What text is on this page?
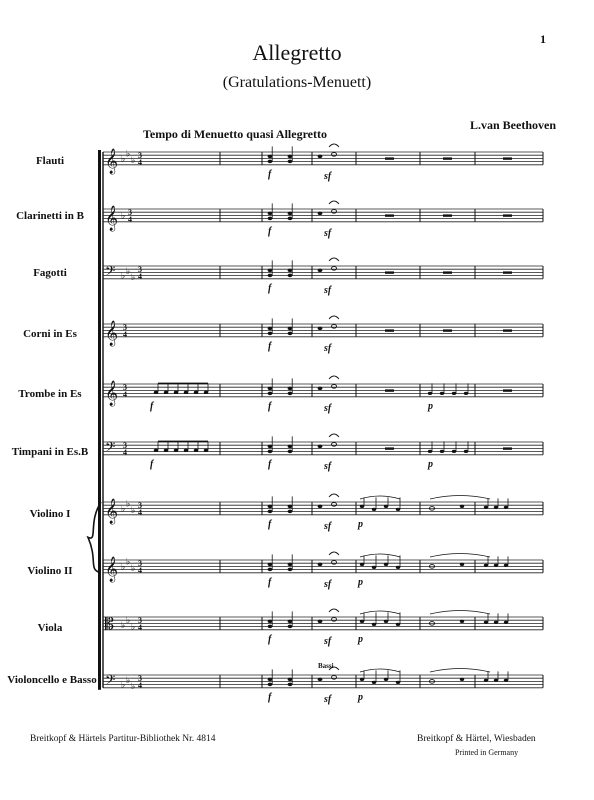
𝄞 ♭ ♭
♭
3
4
f	sf
𝄞 ♭ 3
4
f	sf
𝄢 ♭ ♭
♭
3
4
f	sf
𝄞 3
4
f	sf
𝄞 3
4
f	sf
f	p
𝄢 3
4
f	sf
f	p
𝄞 ♭ ♭
♭
3
4
f	sf	p
𝄞 ♭ ♭
♭
3
4
f	sf	p
𝄡 ♭ ♭
♭
3
4
f	sf	p
𝄢 ♭ ♭
♭
3
4
f	sf	p
Bassi
1
Allegretto
(Gratulations-Menuett)
L.van Beethoven
Tempo di Menuetto quasi Allegretto
Flauti
Clarinetti in B
Fagotti
Corni in Es
Trombe in Es
Timpani in Es.B
Violino I
Violino II
Viola
Violoncello e Basso
Breitkopf & Härtels Partitur-Bibliothek Nr. 4814	Breitkopf & Härtel, Wiesbaden
Printed in Germany
